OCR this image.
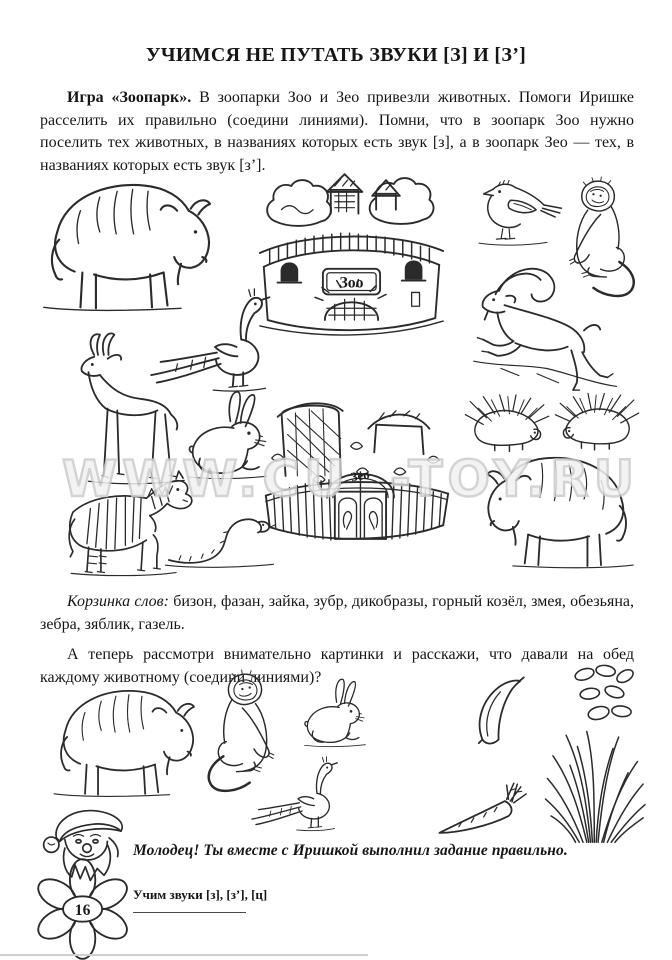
УЧИМСЯ НЕ ПУТАТЬ ЗВУКИ [З] И [З’]
Игра «Зоопарк». В зоопарки Зоо и Зео привезли животных. Помоги Иришке расселить их правильно (соедини линиями). Помни, что в зоопарк Зоо нужно поселить тех животных, в названиях которых есть звук [з], а в зоопарк Зео — тех, в названиях которых есть звук [з’].
Зоо
Зео
WWW.CU -TOY.RU
Корзинка слов: бизон, фазан, зайка, зубр, дикобразы, горный козёл, змея, обезьяна, зебра, зяблик, газель.
А теперь рассмотри внимательно картинки и расскажи, что давали на обед каждому животному (соедини линиями)?
Молодец! Ты вместе с Иришкой выполнил задание правильно.
16
Учим звуки [з], [з’], [ц]
